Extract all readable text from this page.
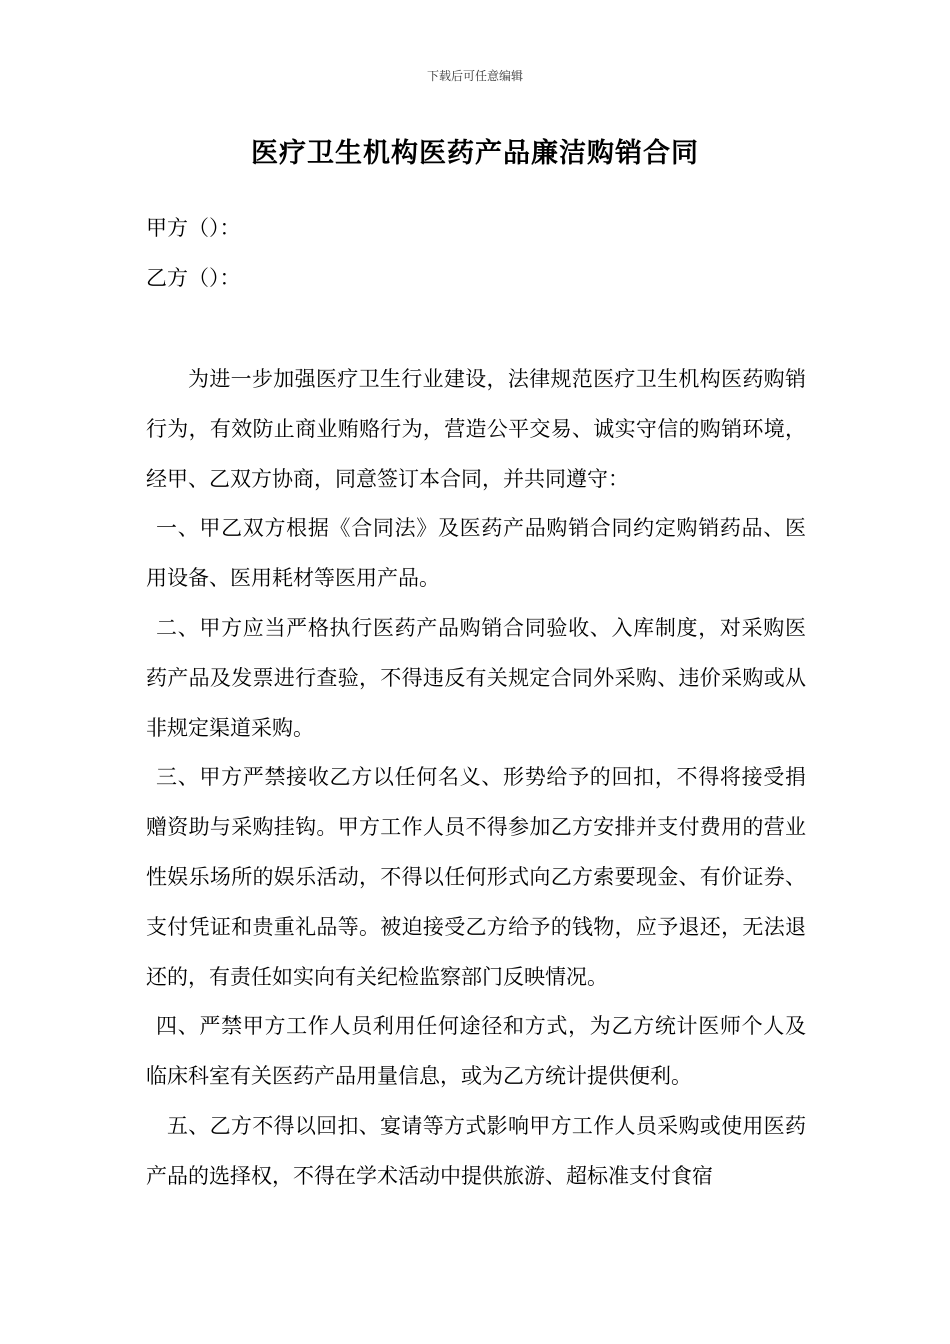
下载后可任意编辑
医疗卫生机构医药产品廉洁购销合同
甲方（）：
乙方（）：

为进一步加强医疗卫生行业建设，法律规范医疗卫生机构医药购销行为，有效防止商业贿赂行为，营造公平交易、诚实守信的购销环境，经甲、乙双方协商，同意签订本合同，并共同遵守：

一、甲乙双方根据《合同法》及医药产品购销合同约定购销药品、医用设备、医用耗材等医用产品。

二、甲方应当严格执行医药产品购销合同验收、入库制度，对采购医药产品及发票进行查验，不得违反有关规定合同外采购、违价采购或从非规定渠道采购。

三、甲方严禁接收乙方以任何名义、形势给予的回扣，不得将接受捐赠资助与采购挂钩。甲方工作人员不得参加乙方安排并支付费用的营业性娱乐场所的娱乐活动，不得以任何形式向乙方索要现金、有价证券、支付凭证和贵重礼品等。被迫接受乙方给予的钱物，应予退还，无法退还的，有责任如实向有关纪检监察部门反映情况。

四、严禁甲方工作人员利用任何途径和方式，为乙方统计医师个人及临床科室有关医药产品用量信息，或为乙方统计提供便利。

五、乙方不得以回扣、宴请等方式影响甲方工作人员采购或使用医药产品的选择权，不得在学术活动中提供旅游、超标准支付食宿
